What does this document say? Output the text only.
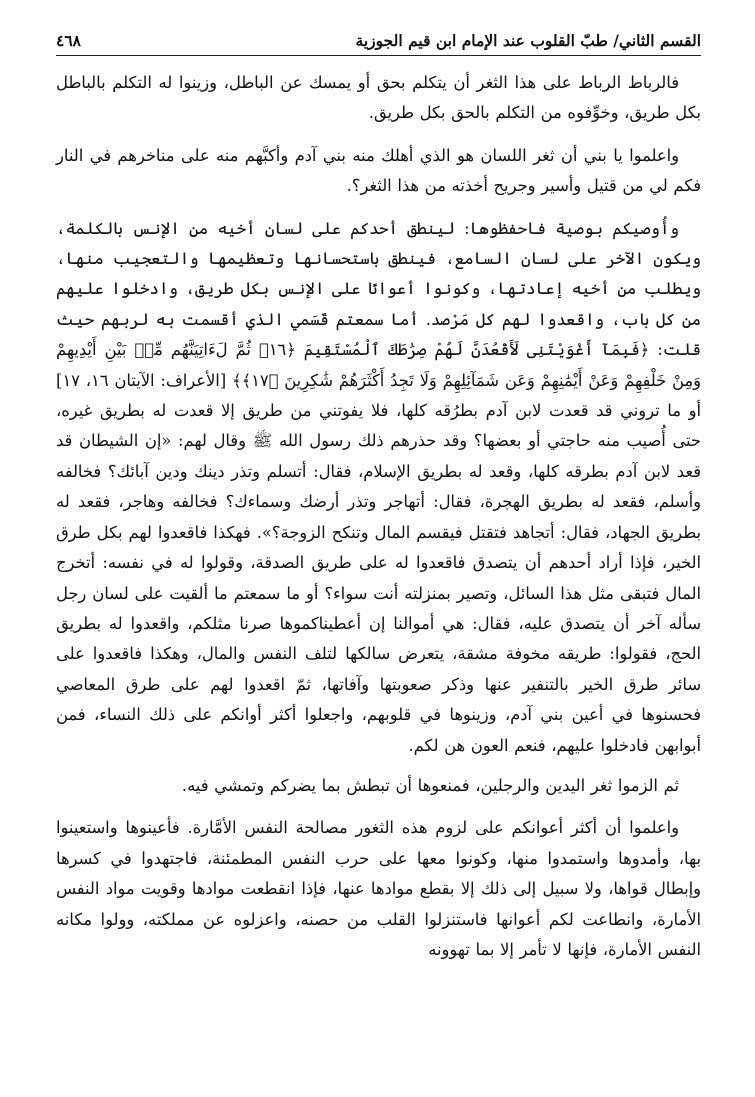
القسم الثاني/ طبّ القلوب عند الإمام ابن قيم الجوزية
٤٦٨

فالرباط الرباط على هذا الثغر أن يتكلم بحق أو يمسك عن الباطل، وزينوا له التكلم بالباطل بكل طريق، وخوِّفوه من التكلم بالحق بكل طريق.

واعلموا يا بني أن ثغر اللسان هو الذي أهلك منه بني آدم وأكبَّهم منه على مناخرهم في النار فكم لي من قتيل وأسير وجريح أخذته من هذا الثغر؟.

وأُوصيكم بوصية فاحفظوها: لينطق أحدكم على لسان أخيه من الإنس بالكلمة، ويكون الآخر على لسان السامع، فينطق باستحسانها وتعظيمها والتعجيب منها، ويطلب من أخيه إعادتها، وكونوا أعوانًا على الإنس بكل طريق، وادخلوا عليهم من كل باب، واقعدوا لهم كل مَرْصد. أما سمعتم قَسَمي الذي أقسمت به لربهم حيث قلت: ﴿فَبِمَآ أَغْوَيْتَنِى لَأَقْعُدَنَّ لَهُمْ صِرَٰطَكَ ٱلْمُسْتَقِيمَ ﴿١٦﴾ ثُمَّ لَءَاتِيَنَّهُم مِّنۢ بَيْنِ أَيْدِيهِمْ وَمِنْ خَلْفِهِمْ وَعَنْ أَيْمَٰنِهِمْ وَعَن شَمَآئِلِهِمْ وَلَا تَجِدُ أَكْثَرَهُمْ شَٰكِرِينَ ﴿١٧﴾﴾ [الأعراف: الآيتان ١٦، ١٧] أو ما تروني قد قعدت لابن آدم بطرُقه كلها، فلا يفوتني من طريق إلا قعدت له بطريق غيره، حتى أُصيب منه حاجتي أو بعضها؟ وقد حذرهم ذلك رسول الله ﷺ وقال لهم: «إن الشيطان قد قعد لابن آدم بطرقه كلها، وقعد له بطريق الإسلام، فقال: أتسلم وتذر دينك ودين آبائك؟ فخالفه وأسلم، فقعد له بطريق الهجرة، فقال: أتهاجر وتذر أرضك وسماءك؟ فخالفه وهاجر، فقعد له بطريق الجهاد، فقال: أتجاهد فتقتل فيقسم المال وتنكح الزوجة؟». فهكذا فاقعدوا لهم بكل طرق الخير، فإذا أراد أحدهم أن يتصدق فاقعدوا له على طريق الصدقة، وقولوا له في نفسه: أتخرج المال فتبقى مثل هذا السائل، وتصير بمنزلته أنت سواء؟ أو ما سمعتم ما ألقيت على لسان رجل سأله آخر أن يتصدق عليه، فقال: هي أموالنا إن أعطيناكموها صرنا مثلكم، واقعدوا له بطريق الحج، فقولوا: طريقه مخوفة مشقة، يتعرض سالكها لتلف النفس والمال، وهكذا فاقعدوا على سائر طرق الخير بالتنفير عنها وذكر صعوبتها وآفاتها، ثمّ اقعدوا لهم على طرق المعاصي فحسنوها في أعين بني آدم، وزينوها في قلوبهم، واجعلوا أكثر أوانكم على ذلك النساء، فمن أبوابهن فادخلوا عليهم، فنعم العون هن لكم.

ثم الزموا ثغر اليدين والرجلين، فمنعوها أن تبطش بما يضركم وتمشي فيه.

واعلموا أن أكثر أعوانكم على لزوم هذه الثغور مصالحة النفس الأمَّارة. فأعينوها واستعينوا بها، وأمدوها واستمدوا منها، وكونوا معها على حرب النفس المطمئنة، فاجتهدوا في كسرها وإبطال قواها، ولا سبيل إلى ذلك إلا بقطع موادها عنها، فإذا انقطعت موادها وقويت مواد النفس الأمارة، وانطاعت لكم أعوانها فاستنزلوا القلب من حصنه، واعزلوه عن مملكته، وولوا مكانه النفس الأمارة، فإنها لا تأمر إلا بما تهوونه
